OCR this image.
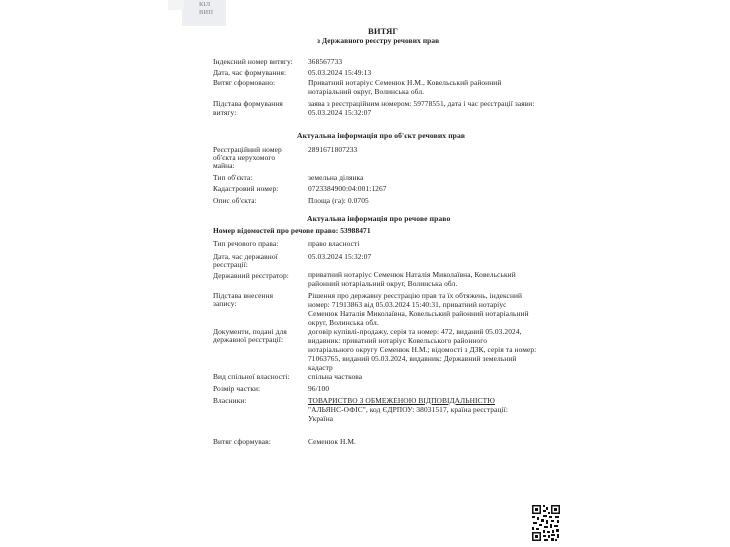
КІЛ
ВИП
ВИТЯГ
з Державного реєстру речових прав
Індексний номер витягу: 368567733
Дата, час формування:	05.03.2024 15:49:13
Витяг сформовано:	Приватний нотаріус Семенюк Н.М., Ковельський районний
нотаріальний округ, Волинська обл.
Підстава формування
витягу:
заява з реєстраційним номером: 59778551, дата і час реєстрації заяви:
05.03.2024 15:32:07
Актуальна інформація про об'єкт речових прав
Реєстраційний номер
об'єкта нерухомого
майна:
2891671807233
Тип об'єкта:	земельна ділянка
Кадастровий номер:	0723384900:04:001:1267
Опис об'єкта:	Площа (га): 0.0705
Актуальна інформація про речове право
Номер відомостей про речове право: 53988471
Тип речового права:	право власності
Дата, час державної
реєстрації:
05.03.2024 15:32:07
Державний реєстратор:	приватний нотаріус Семенюк Наталія Миколаївна, Ковельський
районний нотаріальний округ, Волинська обл.
Підстава внесення
запису:
Рішення про державну реєстрацію прав та їх обтяжень, індексний
номер: 71913863 від 05.03.2024 15:40:31, приватний нотаріус
Семенюк Наталія Миколаївна, Ковельський районний нотаріальний
округ, Волинська обл.
Документи, подані для
державної реєстрації:
договір купівлі-продажу, серія та номер: 472, виданий 05.03.2024,
видавник: приватний нотаріус Ковельського районного
нотаріального округу Семенюк Н.М.; відомості з ДЗК, серія та номер:
71063765, виданий 05.03.2024, видавник: Державний земельний
кадастр
Вид спільної власності: спільна часткова
Розмір частки:	96/100
Власники:	ТОВАРИСТВО З ОБМЕЖЕНОЮ ВІДПОВІДАЛЬНІСТЮ
"АЛЬЯНС-ОФІС", код ЄДРПОУ: 38031517, країна реєстрації:
Україна
Витяг сформував:	Семенюк Н.М.
